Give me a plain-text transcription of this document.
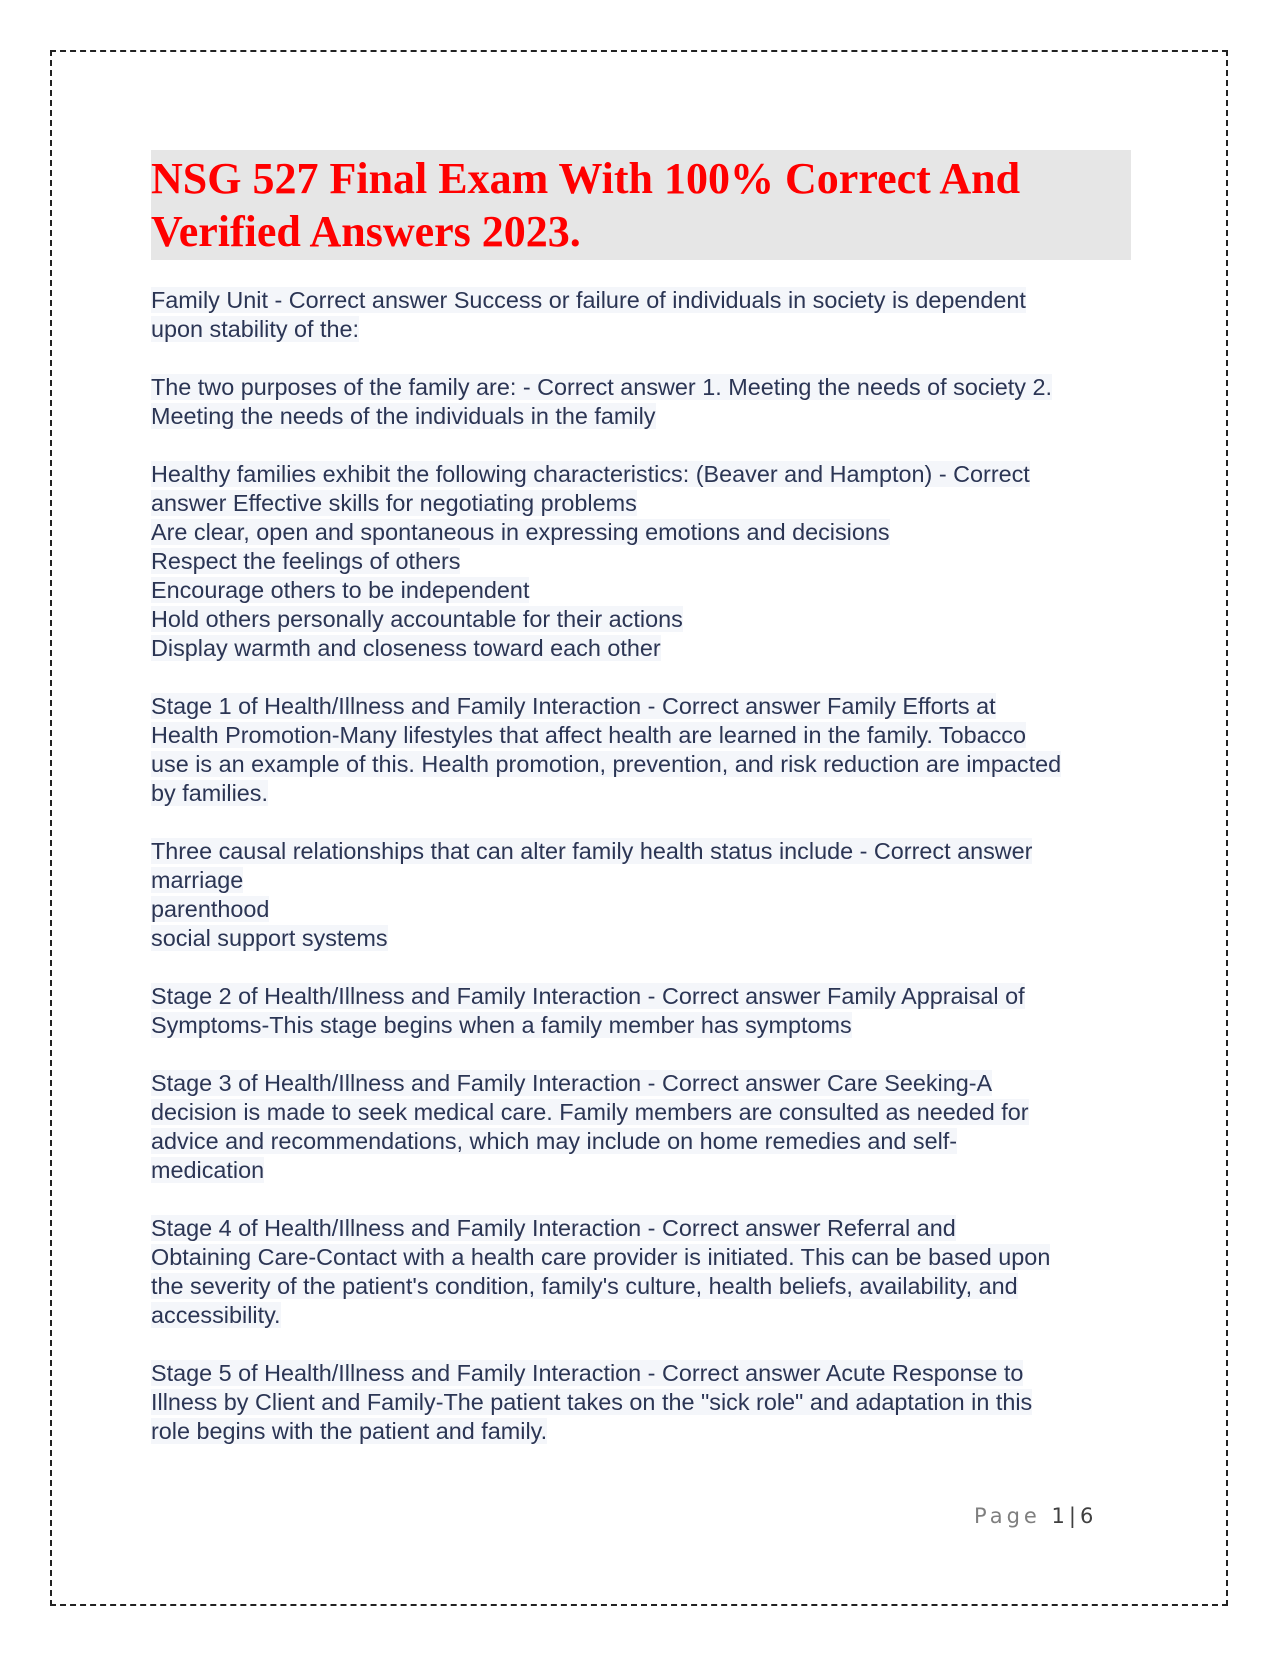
NSG 527 Final Exam With 100% Correct And
Verified Answers 2023.
Family Unit - Correct answer Success or failure of individuals in society is dependent
upon stability of the:
The two purposes of the family are: - Correct answer 1. Meeting the needs of society 2.
Meeting the needs of the individuals in the family
Healthy families exhibit the following characteristics: (Beaver and Hampton) - Correct
answer Effective skills for negotiating problems
Are clear, open and spontaneous in expressing emotions and decisions
Respect the feelings of others
Encourage others to be independent
Hold others personally accountable for their actions
Display warmth and closeness toward each other
Stage 1 of Health/Illness and Family Interaction - Correct answer Family Efforts at
Health Promotion-Many lifestyles that affect health are learned in the family. Tobacco
use is an example of this. Health promotion, prevention, and risk reduction are impacted
by families.
Three causal relationships that can alter family health status include - Correct answer
marriage
parenthood
social support systems
Stage 2 of Health/Illness and Family Interaction - Correct answer Family Appraisal of
Symptoms-This stage begins when a family member has symptoms
Stage 3 of Health/Illness and Family Interaction - Correct answer Care Seeking-A
decision is made to seek medical care. Family members are consulted as needed for
advice and recommendations, which may include on home remedies and self-
medication
Stage 4 of Health/Illness and Family Interaction - Correct answer Referral and
Obtaining Care-Contact with a health care provider is initiated. This can be based upon
the severity of the patient's condition, family's culture, health beliefs, availability, and
accessibility.
Stage 5 of Health/Illness and Family Interaction - Correct answer Acute Response to
Illness by Client and Family-The patient takes on the "sick role" and adaptation in this
role begins with the patient and family.
Page 1 | 6
